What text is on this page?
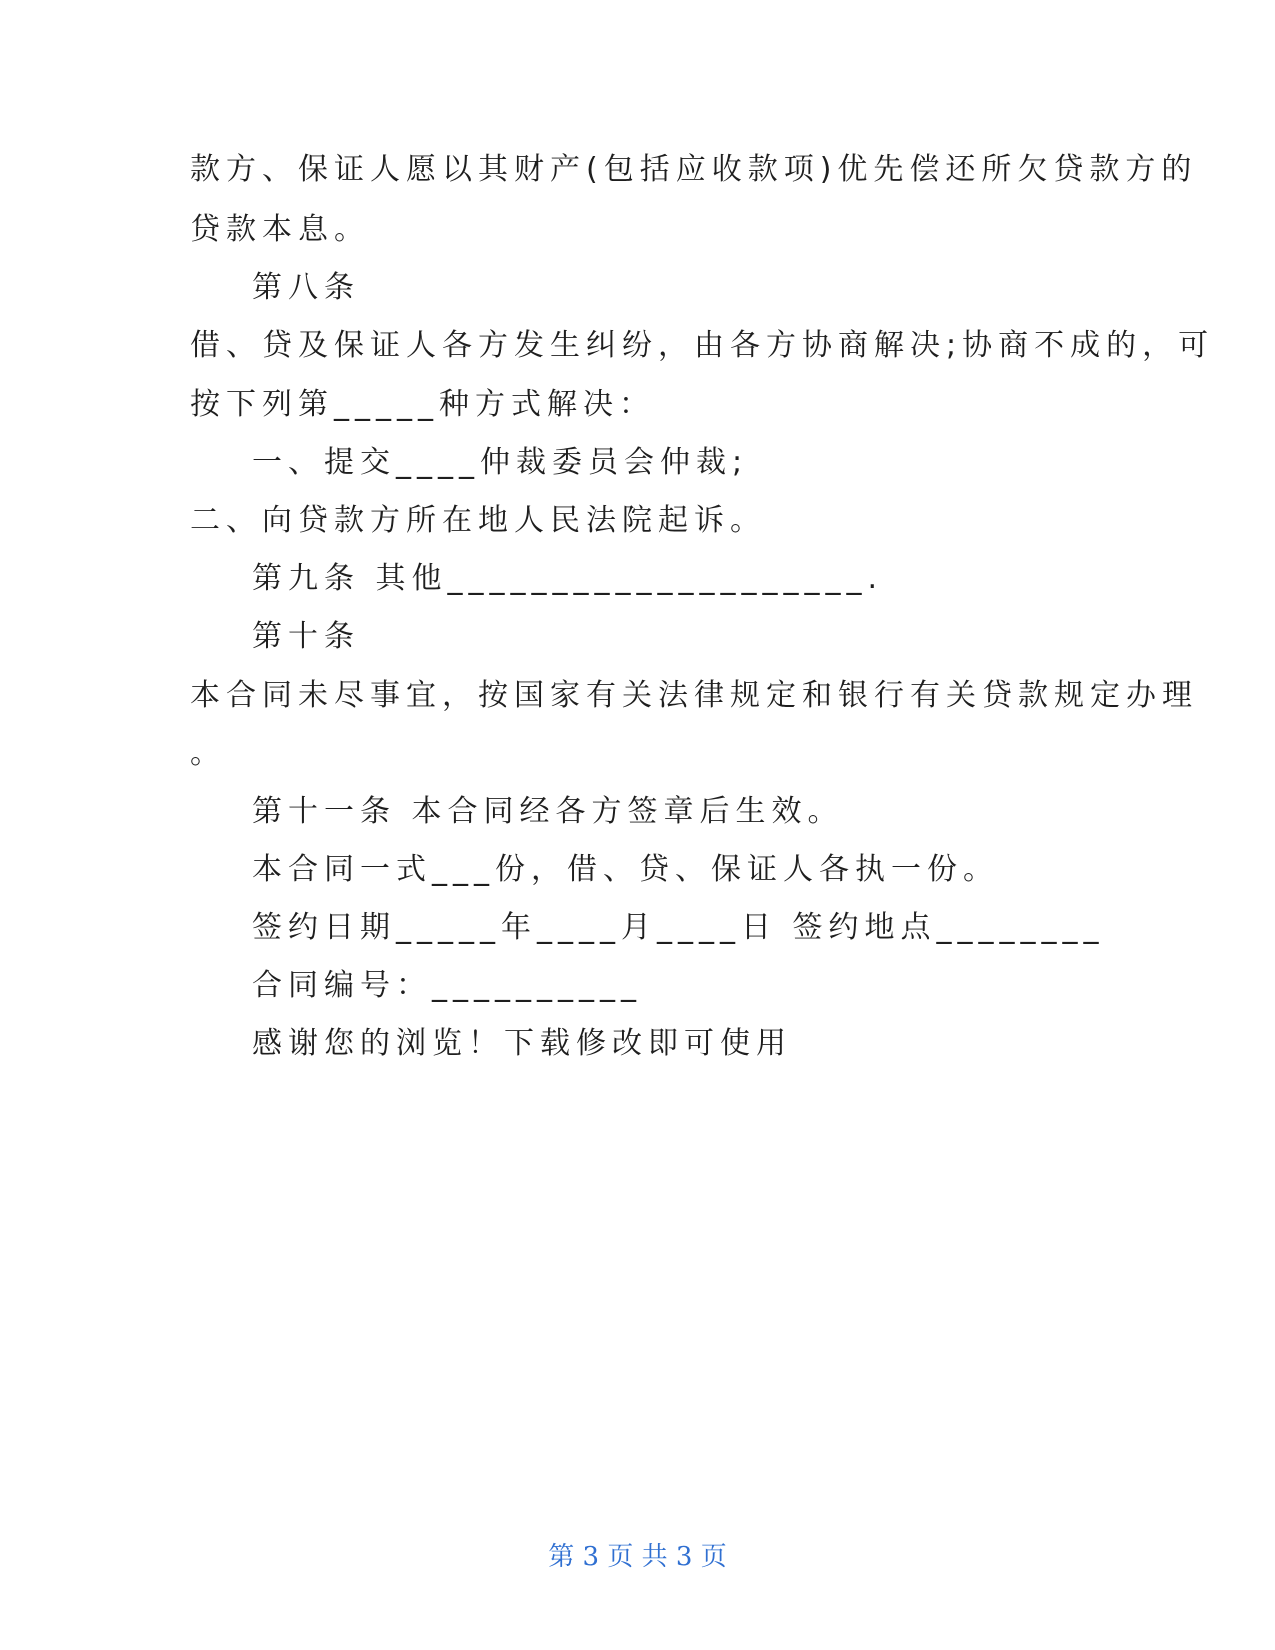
款方、保证人愿以其财产(包括应收款项)优先偿还所欠贷款方的
贷款本息。
第八条
借、贷及保证人各方发生纠纷，由各方协商解决;协商不成的，可
按下列第_____种方式解决：
一、提交____仲裁委员会仲裁;
二、向贷款方所在地人民法院起诉。
第九条 其他____________________.
第十条
本合同未尽事宜，按国家有关法律规定和银行有关贷款规定办理
。
第十一条 本合同经各方签章后生效。
本合同一式___份，借、贷、保证人各执一份。
签约日期_____年____月____日 签约地点________
合同编号：__________
感谢您的浏览！下载修改即可使用
第 3 页 共 3 页
